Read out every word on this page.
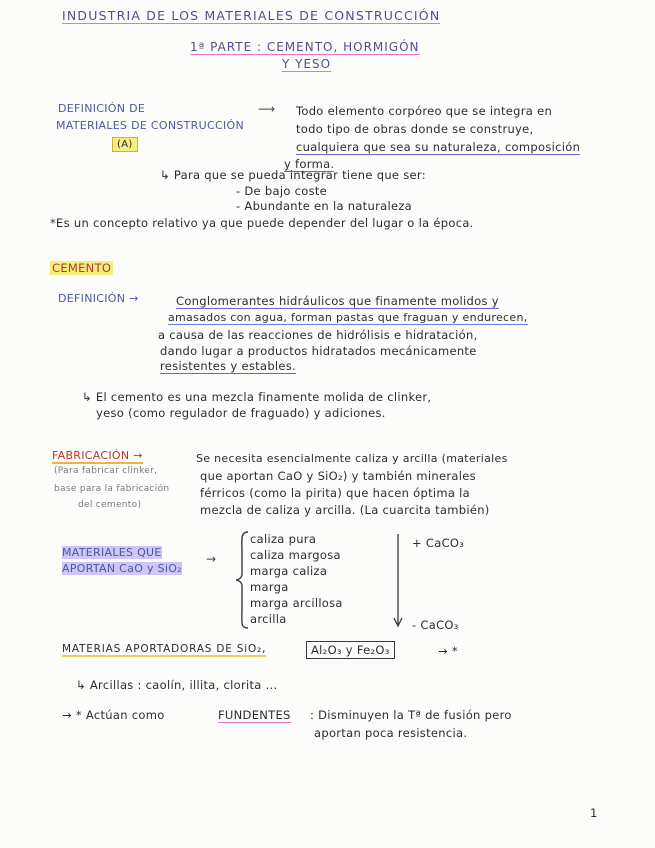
INDUSTRIA DE LOS MATERIALES DE CONSTRUCCIÓN
1ª PARTE : CEMENTO, HORMIGÓN
Y YESO
DEFINICIÓN DE
MATERIALES DE CONSTRUCCIÓN
(A)
⟶ Todo elemento corpóreo que se integra en
todo tipo de obras donde se construye,
cualquiera que sea su naturaleza, composición
y forma.
↳ Para que se pueda integrar tiene que ser:
- De bajo coste
- Abundante en la naturaleza
*Es un concepto relativo ya que puede depender del lugar o la época.
CEMENTO
DEFINICIÓN →	Conglomerantes hidráulicos que finamente molidos y
amasados con agua, forman pastas que fraguan y endurecen,
a causa de las reacciones de hidrólisis e hidratación,
dando lugar a productos hidratados mecánicamente
resistentes y estables.
↳ El cemento es una mezcla finamente molida de clinker,
yeso (como regulador de fraguado) y adiciones.
FABRICACIÓN →
(Para fabricar clinker,
base para la fabricación
del cemento)
Se necesita esencialmente caliza y arcilla (materiales
que aportan CaO y SiO₂) y también minerales
férricos (como la pirita) que hacen óptima la
mezcla de caliza y arcilla. (La cuarcita también)
MATERIALES QUE
APORTAN CaO y SiO₂
→
caliza pura
caliza margosa
marga caliza
marga
marga arcillosa
arcilla
+ CaCO₃
- CaCO₃
MATERIAS APORTADORAS DE SiO₂,	Al₂O₃ y Fe₂O₃	→ *
↳ Arcillas : caolín, illita, clorita ...
→ * Actúan como	FUNDENTES : Disminuyen la Tª de fusión pero
aportan poca resistencia.
1
